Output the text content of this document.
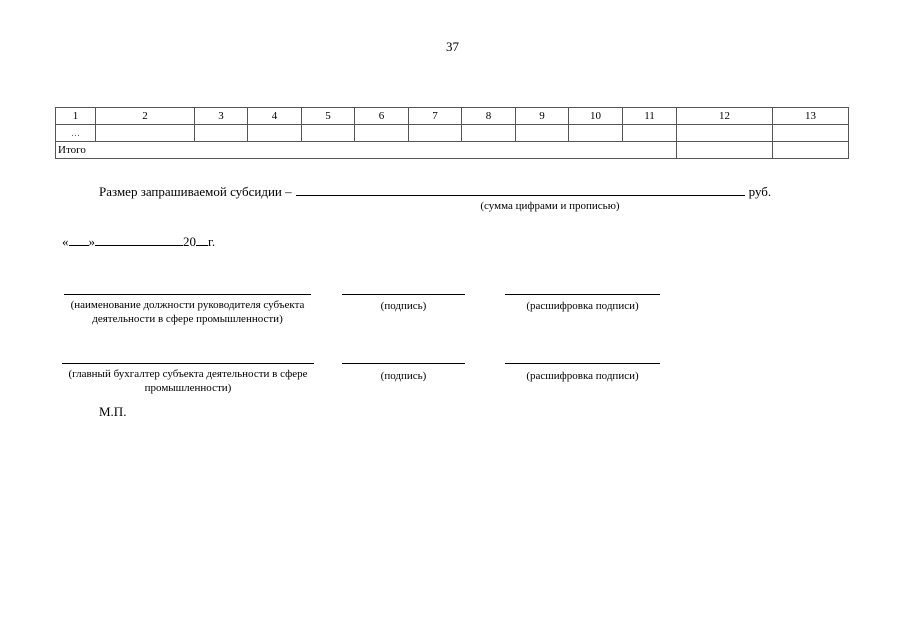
37
1	2	3	4	5	6	7	8	9	10	11	12	13
…												
Итого												
Размер запрашиваемой субсидии –	руб.
(сумма цифрами и прописью)
« »	20 г.
(наименование должности руководителя субъекта деятельности в сфере промышленности)
(подпись)	(расшифровка подписи)
(главный бухгалтер субъекта деятельности в сфере промышленности)
(подпись)	(расшифровка подписи)
М.П.
